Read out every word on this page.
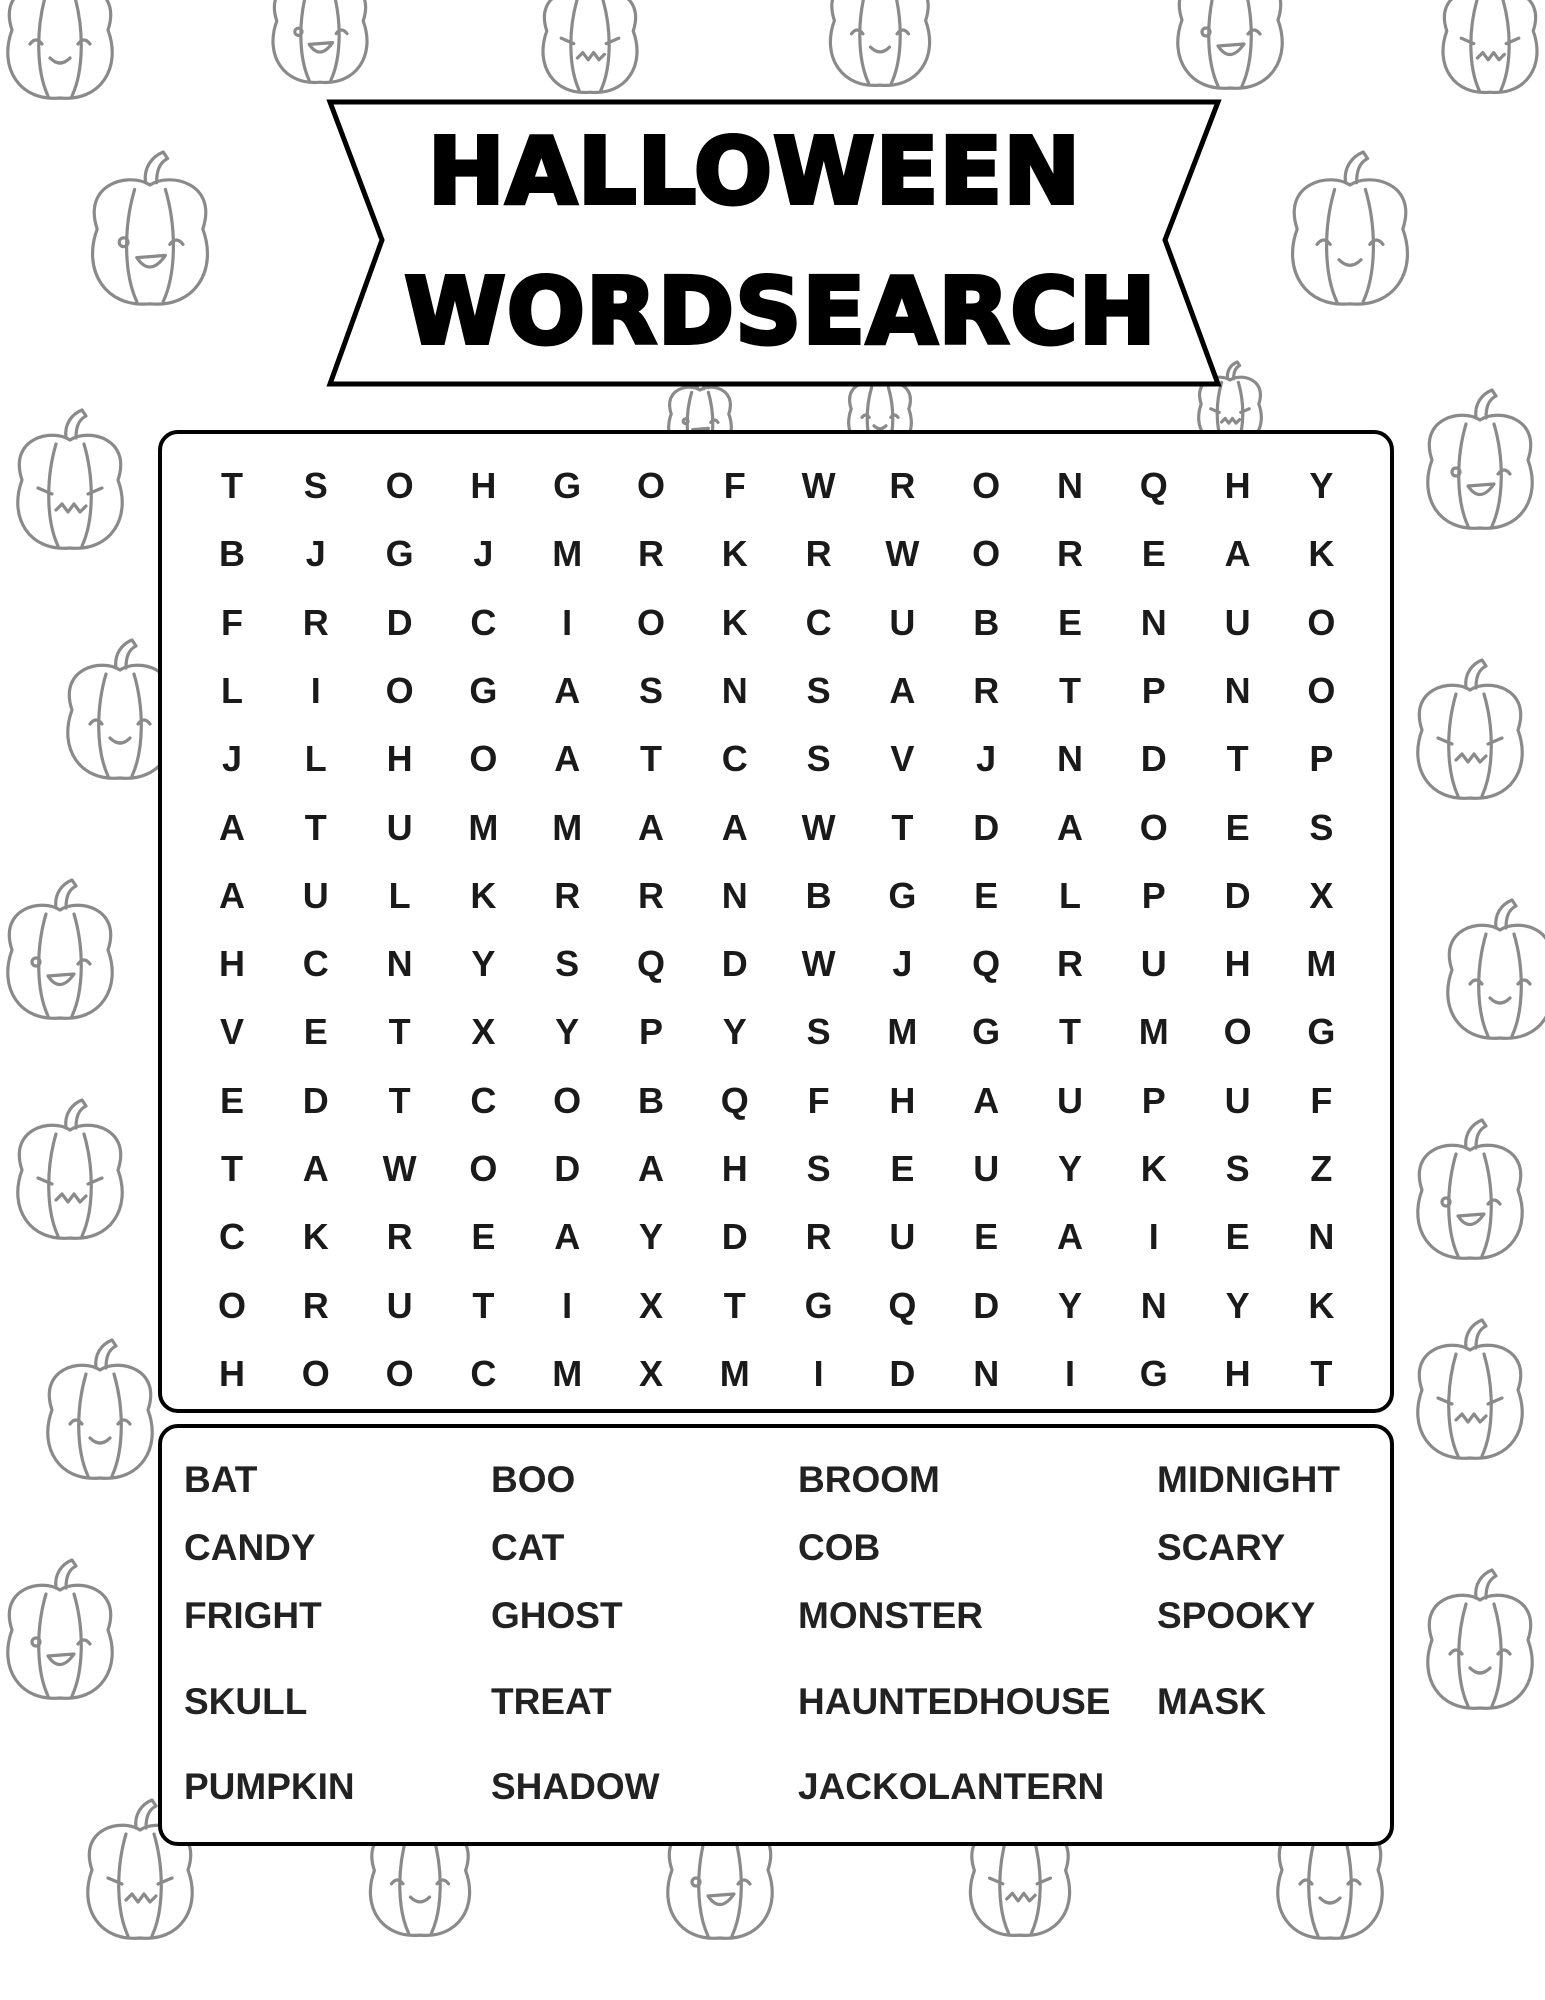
HALLOWEEN
WORDSEARCH
T	S	O	H	G	O	F	W	R	O	N	Q	H	Y
B	J	G	J	M	R	K	R	W	O	R	E	A	K
F	R	D	C	I	O	K	C	U	B	E	N	U	O
L	I	O	G	A	S	N	S	A	R	T	P	N	O
J	L	H	O	A	T	C	S	V	J	N	D	T	P
A	T	U	M	M	A	A	W	T	D	A	O	E	S
A	U	L	K	R	R	N	B	G	E	L	P	D	X
H	C	N	Y	S	Q	D	W	J	Q	R	U	H	M
V	E	T	X	Y	P	Y	S	M	G	T	M	O	G
E	D	T	C	O	B	Q	F	H	A	U	P	U	F
T	A	W	O	D	A	H	S	E	U	Y	K	S	Z
C	K	R	E	A	Y	D	R	U	E	A	I	E	N
O	R	U	T	I	X	T	G	Q	D	Y	N	Y	K
H	O	O	C	M	X	M	I	D	N	I	G	H	T
BAT	BOO	BROOM	MIDNIGHT
CANDY	CAT	COB	SCARY
FRIGHT	GHOST	MONSTER	SPOOKY
SKULL	TREAT	HAUNTEDHOUSE MASK
PUMPKIN	SHADOW	JACKOLANTERN
